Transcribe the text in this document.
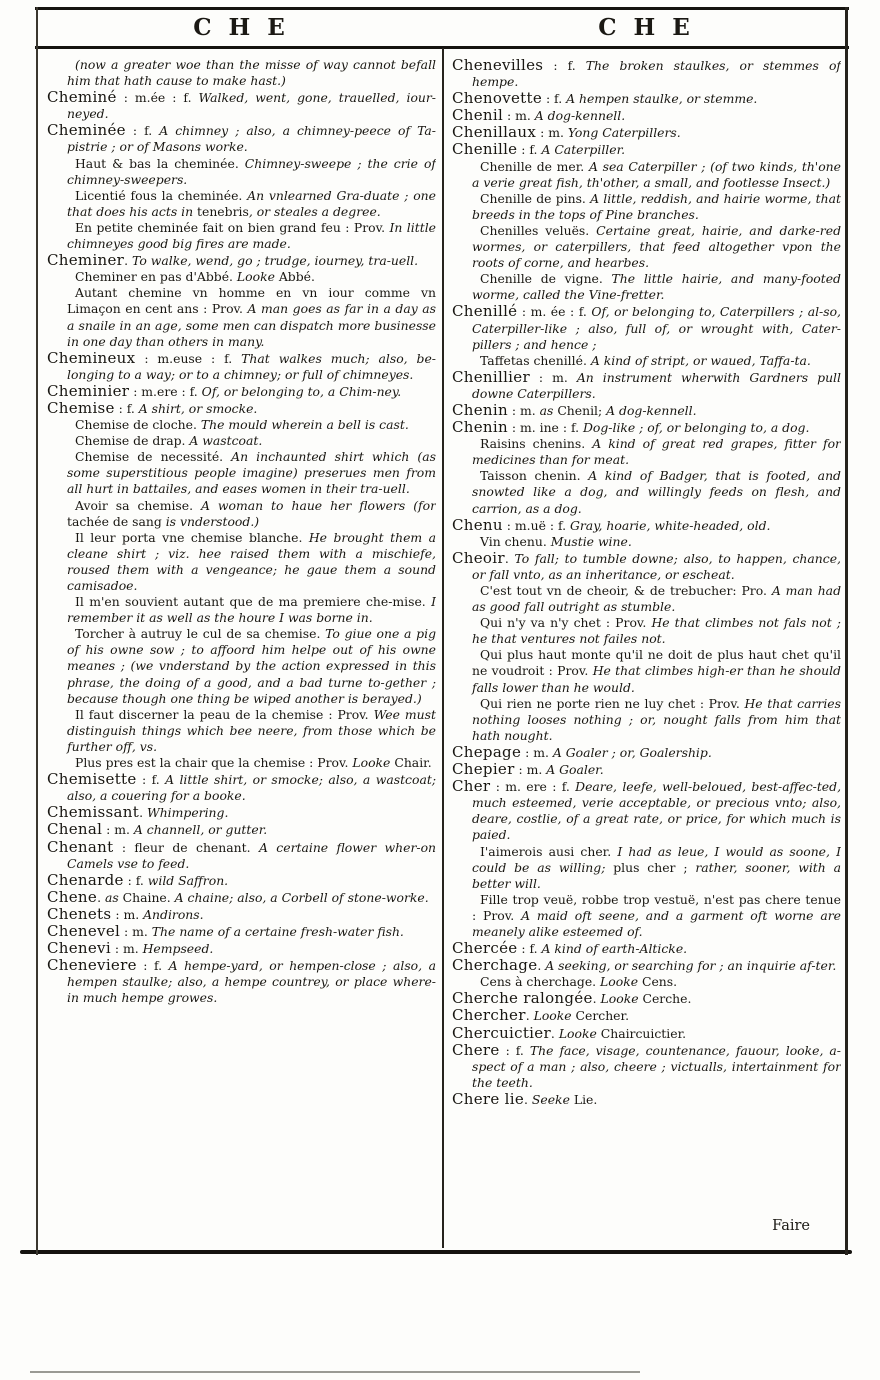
CHE	CHE

(now a greater woe than the misse of way cannot befall him that hath cause to make hast.)

Cheminé : m.ée : f. Walked, went, gone, trauelled, iour-neyed.

Cheminée : f. A chimney ; also, a chimney-peece of Ta-pistrie ; or of Masons worke.

Haut & bas la cheminée. Chimney-sweepe ; the crie of chimney-sweepers.

Licentié fous la cheminée. An vnlearned Gra-duate ; one that does his acts in tenebris, or steales a degree.

En petite cheminée fait on bien grand feu : Prov. In little chimneyes good big fires are made.

Cheminer. To walke, wend, go ; trudge, iourney, tra-uell.

Cheminer en pas d'Abbé. Looke Abbé.

Autant chemine vn homme en vn iour comme vn Limaçon en cent ans : Prov. A man goes as far in a day as a snaile in an age, some men can dispatch more businesse in one day than others in many.

Chemineux : m.euse : f. That walkes much; also, be-longing to a way; or to a chimney; or full of chimneyes.

Cheminier : m.ere : f. Of, or belonging to, a Chim-ney.

Chemise : f. A shirt, or smocke.

Chemise de cloche. The mould wherein a bell is cast.

Chemise de drap. A wastcoat.

Chemise de necessité. An inchaunted shirt which (as some superstitious people imagine) preserues men from all hurt in battailes, and eases women in their tra-uell.

Avoir sa chemise. A woman to haue her flowers (for tachée de sang is vnderstood.)

Il leur porta vne chemise blanche. He brought them a cleane shirt ; viz. hee raised them with a mischiefe, roused them with a vengeance; he gaue them a sound camisadoe.

Il m'en souvient autant que de ma premiere che-mise. I remember it as well as the houre I was borne in.

Torcher à autruy le cul de sa chemise. To giue one a pig of his owne sow ; to affoord him helpe out of his owne meanes ; (we vnderstand by the action expressed in this phrase, the doing of a good, and a bad turne to-gether ; because though one thing be wiped another is berayed.)

Il faut discerner la peau de la chemise : Prov. Wee must distinguish things which bee neere, from those which be further off, vs.

Plus pres est la chair que la chemise : Prov. Looke Chair.

Chemisette : f. A little shirt, or smocke; also, a wastcoat; also, a couering for a booke.

Chemissant. Whimpering.

Chenal : m. A channell, or gutter.

Chenant : fleur de chenant. A certaine flower wher-on Camels vse to feed.

Chenarde : f. wild Saffron.

Chene. as Chaine. A chaine; also, a Corbell of stone-worke.

Chenets : m. Andirons.

Chenevel : m. The name of a certaine fresh-water fish.

Chenevi : m. Hempseed.

Cheneviere : f. A hempe-yard, or hempen-close ; also, a hempen staulke; also, a hempe countrey, or place where-in much hempe growes.

Chenevilles : f. The broken staulkes, or stemmes of hempe.

Chenovette : f. A hempen staulke, or stemme.

Chenil : m. A dog-kennell.

Chenillaux : m. Yong Caterpillers.

Chenille : f. A Caterpiller.

Chenille de mer. A sea Caterpiller ; (of two kinds, th'one a verie great fish, th'other, a small, and footlesse Insect.)

Chenille de pins. A little, reddish, and hairie worme, that breeds in the tops of Pine branches.

Chenilles veluës. Certaine great, hairie, and darke-red wormes, or caterpillers, that feed altogether vpon the roots of corne, and hearbes.

Chenille de vigne. The little hairie, and many-footed worme, called the Vine-fretter.

Chenillé : m. ée : f. Of, or belonging to, Caterpillers ; al-so, Caterpiller-like ; also, full of, or wrought with, Cater-pillers ; and hence ;

Taffetas chenillé. A kind of stript, or waued, Taffa-ta.

Chenillier : m. An instrument wherwith Gardners pull downe Caterpillers.

Chenin : m. as Chenil; A dog-kennell.

Chenin : m. ine : f. Dog-like ; of, or belonging to, a dog.

Raisins chenins. A kind of great red grapes, fitter for medicines than for meat.

Taisson chenin. A kind of Badger, that is footed, and snowted like a dog, and willingly feeds on flesh, and carrion, as a dog.

Chenu : m.uë : f. Gray, hoarie, white-headed, old.

Vin chenu. Mustie wine.

Cheoir. To fall; to tumble downe; also, to happen, chance, or fall vnto, as an inheritance, or escheat.

C'est tout vn de cheoir, & de trebucher: Pro. A man had as good fall outright as stumble.

Qui n'y va n'y chet : Prov. He that climbes not fals not ; he that ventures not failes not.

Qui plus haut monte qu'il ne doit de plus haut chet qu'il ne voudroit : Prov. He that climbes high-er than he should falls lower than he would.

Qui rien ne porte rien ne luy chet : Prov. He that carries nothing looses nothing ; or, nought falls from him that hath nought.

Chepage : m. A Goaler ; or, Goalership.

Chepier : m. A Goaler.

Cher : m. ere : f. Deare, leefe, well-beloued, best-affec-ted, much esteemed, verie acceptable, or precious vnto; also, deare, costlie, of a great rate, or price, for which much is paied.

I'aimerois ausi cher. I had as leue, I would as soone, I could be as willing; plus cher ; rather, sooner, with a better will.

Fille trop veuë, robbe trop vestuë, n'est pas chere tenue : Prov. A maid oft seene, and a garment oft worne are meanely alike esteemed of.

Chercée : f. A kind of earth-Alticke.

Cherchage. A seeking, or searching for ; an inquirie af-ter.

Cens à cherchage. Looke Cens.

Cherche ralongée. Looke Cerche.

Chercher. Looke Cercher.

Chercuictier. Looke Chaircuictier.

Chere : f. The face, visage, countenance, fauour, looke, a-spect of a man ; also, cheere ; victualls, intertainment for the teeth.

Chere lie. Seeke Lie.

Faire
